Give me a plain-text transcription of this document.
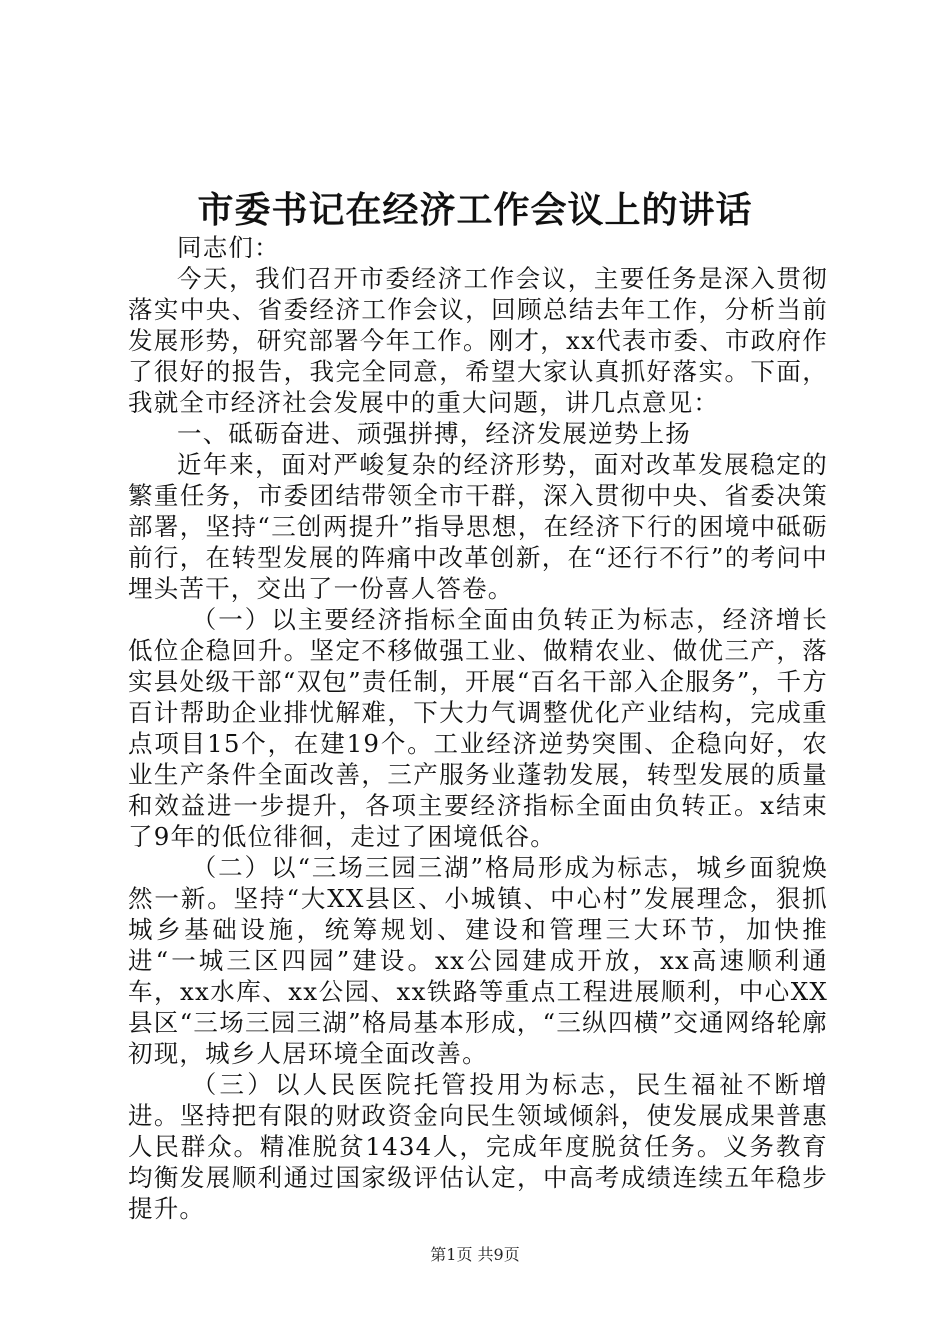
市委书记在经济工作会议上的讲话

同志们：

今天，我们召开市委经济工作会议，主要任务是深入贯彻落实中央、省委经济工作会议，回顾总结去年工作，分析当前发展形势，研究部署今年工作。刚才，xx代表市委、市政府作了很好的报告，我完全同意，希望大家认真抓好落实。下面，我就全市经济社会发展中的重大问题，讲几点意见：

一、砥砺奋进、顽强拼搏，经济发展逆势上扬

近年来，面对严峻复杂的经济形势，面对改革发展稳定的繁重任务，市委团结带领全市干群，深入贯彻中央、省委决策部署，坚持“三创两提升”指导思想，在经济下行的困境中砥砺前行，在转型发展的阵痛中改革创新，在“还行不行”的考问中埋头苦干，交出了一份喜人答卷。

（一）以主要经济指标全面由负转正为标志，经济增长低位企稳回升。坚定不移做强工业、做精农业、做优三产，落实县处级干部“双包”责任制，开展“百名干部入企服务”，千方百计帮助企业排忧解难，下大力气调整优化产业结构，完成重点项目15个，在建19个。工业经济逆势突围、企稳向好，农业生产条件全面改善，三产服务业蓬勃发展，转型发展的质量和效益进一步提升，各项主要经济指标全面由负转正。x结束了9年的低位徘徊，走过了困境低谷。

（二）以“三场三园三湖”格局形成为标志，城乡面貌焕然一新。坚持“大XX县区、小城镇、中心村”发展理念，狠抓城乡基础设施，统筹规划、建设和管理三大环节，加快推进“一城三区四园”建设。xx公园建成开放，xx高速顺利通车，xx水库、xx公园、xx铁路等重点工程进展顺利，中心XX县区“三场三园三湖”格局基本形成，“三纵四横”交通网络轮廓初现，城乡人居环境全面改善。

（三）以人民医院托管投用为标志，民生福祉不断增进。坚持把有限的财政资金向民生领域倾斜，使发展成果普惠人民群众。精准脱贫1434人，完成年度脱贫任务。义务教育均衡发展顺利通过国家级评估认定，中高考成绩连续五年稳步提升。

第1页 共9页
